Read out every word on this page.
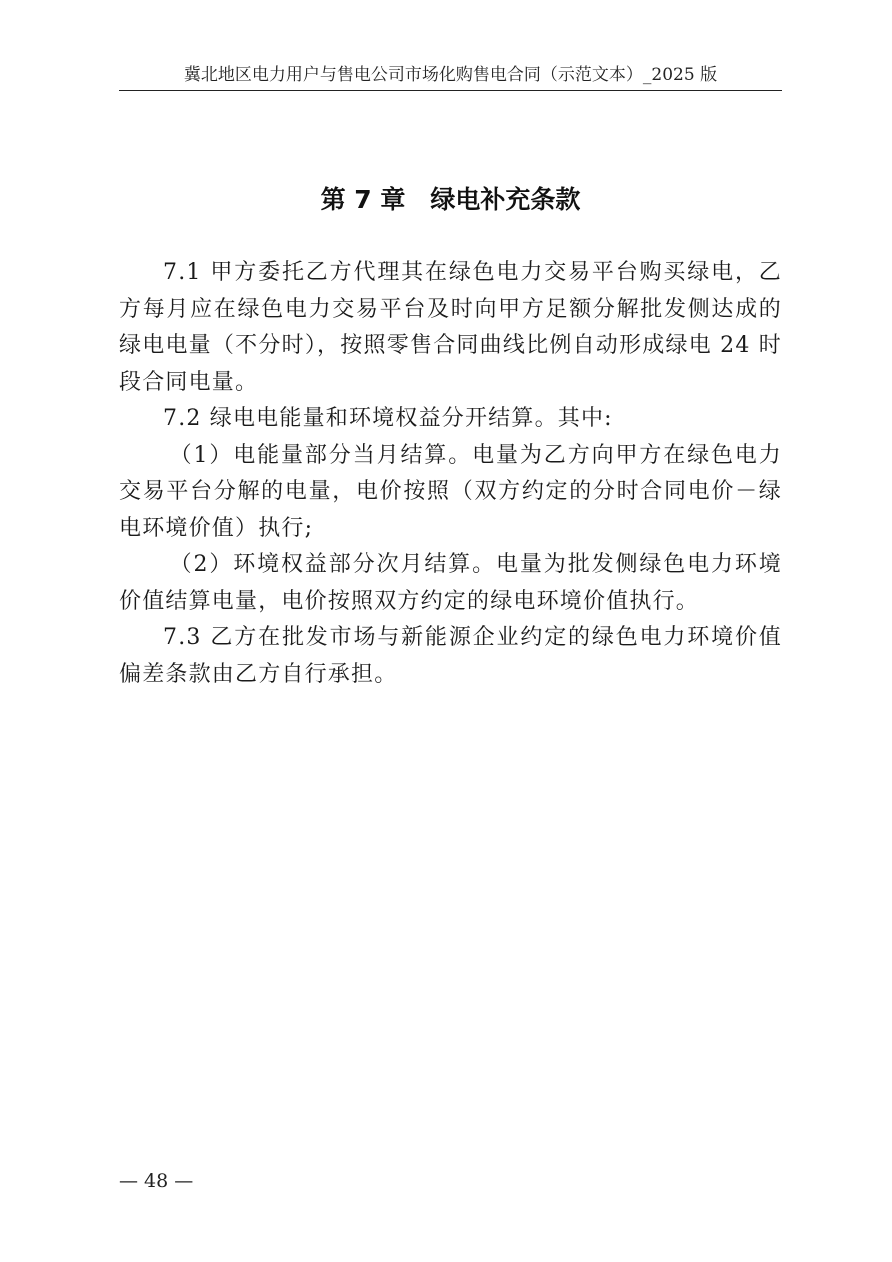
冀北地区电力用户与售电公司市场化购售电合同（示范文本）_2025 版
第 7 章　绿电补充条款

7.1 甲方委托乙方代理其在绿色电力交易平台购买绿电，乙方每月应在绿色电力交易平台及时向甲方足额分解批发侧达成的绿电电量（不分时），按照零售合同曲线比例自动形成绿电 24 时段合同电量。

7.2 绿电电能量和环境权益分开结算。其中:

（1）电能量部分当月结算。电量为乙方向甲方在绿色电力交易平台分解的电量，电价按照（双方约定的分时合同电价－绿电环境价值）执行;

（2）环境权益部分次月结算。电量为批发侧绿色电力环境价值结算电量，电价按照双方约定的绿电环境价值执行。

7.3 乙方在批发市场与新能源企业约定的绿色电力环境价值偏差条款由乙方自行承担。

— 48 —
